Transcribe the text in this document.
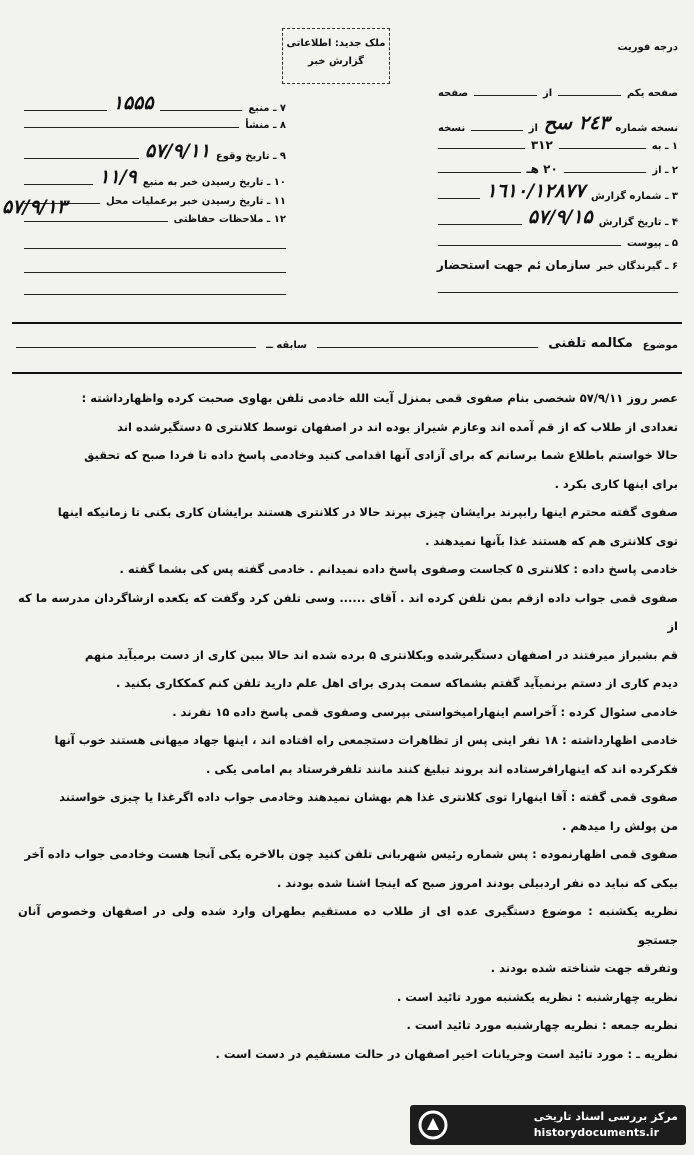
ملک جدید: اطلاعاتی
گزارش خبر
درجه فوریت
صفحه یکم
از
صفحه
نسخه شماره
٢٤٣ سح
از
نسخه
۱ ـ به
۳۱۲
۲ ـ از
۲۰ هـ
۳ ـ شماره گزارش
١٦١٠/١٢٨٧٧
۴ ـ تاریخ گزارش
۵۷/۹/۱۵
۵ ـ پیوست
۶ ـ گیرندگان خبر
سازمان ئم جهت استحضار
۷ ـ منبع
۱۵۵۵
۸ ـ منشأ
۹ ـ تاریخ وقوع
۵۷/۹/۱۱
۱۰ ـ تاریخ رسیدن خبر به منبع
۱۱/۹
۱۱ ـ تاریخ رسیدن خبر برعملیات محل
۱۲ ـ ملاحظات حفاظتی
۵۷/۹/۱۳
موضوع
مکالمه تلفنی
سابقه ــ

عصر روز ۵۷/۹/۱۱ شخصی بنام صفوی قمی بمنزل آیت الله خادمی تلفن بهاوی صحبت کرده واظهارداشته :

تعدادی از طلاب که از قم آمده اند وعازم شیراز بوده اند در اصفهان توسط کلانتری ۵ دستگیرشده اند

حالا خواستم باطلاع شما برسانم که برای آزادی آنها اقدامی کنید وخادمی پاسخ داده تا فردا صبح که تحقیق

برای اینها کاری بکرد .

صفوی گفته محترم اینها رابپرند برایشان چیزی بپرند حالا در کلانتری هستند برایشان کاری بکنی تا زمانیکه اینها

توی کلانتری هم که هستند غذا بآنها نمیدهند .

خادمی پاسخ داده : کلانتری ۵ کجاست وصفوی پاسخ داده نمیدانم . خادمی گفته پس کی بشما گفته .

صفوی قمی جواب داده ازقم بمن تلفن کرده اند . آقای ...... وسی تلفن کرد وگفت که یکعده ازشاگردان مدرسه ما که از

قم بشیراز میرفتند در اصفهان دستگیرشده وبکلانتری ۵ برده شده اند حالا ببین کاری از دست برمیآید منهم

دیدم کاری از دستم برنمیآید گفتم بشماکه سمت پدری برای اهل علم دارید تلفن کنم کمککاری بکنید .

خادمی سئوال کرده : آخراسم اینهارامیخواستی بپرسی وصفوی قمی پاسخ داده ۱۵ نفرند .

خادمی اظهارداشته : ۱۸ نفر اینی پس از تظاهرات دستجمعی راه افتاده اند ، اینها جهاد میهانی هستند خوب آنها

فکرکرده اند که اینهارافرستاده اند بروند تبلیغ کنند مانند تلفرفرستاد بم امامی یکی .

صفوی قمی گفته : آقا اینهارا توی کلانتری غذا هم بهشان نمیدهند وخادمی جواب داده اگرغذا یا چیزی خواستند

من پولش را میدهم .

صفوی قمی اظهارنموده : پس شماره رئیس شهربانی تلفن کنید چون بالاخره یکی آنجا هست وخادمی جواب داده آخر

بیکی که نباید ده نفر اردبیلی بودند امروز صبح که اینجا اشنا شده بودند .

نظریه یکشنبه : موضوع دستگیری عده ای از طلاب ده مستقیم بطهران وارد شده ولی در اصفهان وخصوص آنان جستجو

وتفرقه جهت شناخته شده بودند .

نظریه چهارشنبه : نظریه یکشنبه مورد تائید است .

نظریه جمعه : نظریه چهارشنبه مورد تائید است .

نظریه ـ : مورد تائید است وجریانات اخیر اصفهان در حالت مستقیم در دست است .

مرکز بررسی اسناد تاریخی
historydocuments.ir
